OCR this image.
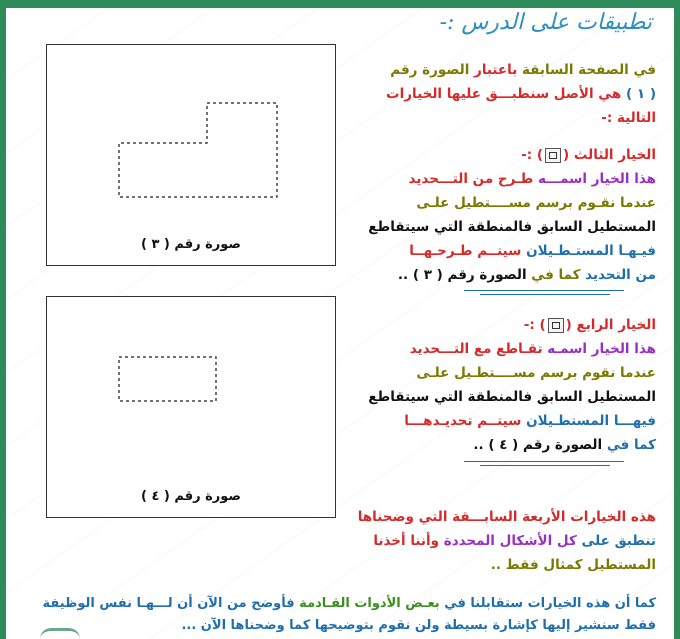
تطبيقات على الدرس :-
في الصفحة السابقة باعتبار الصورة رقم
( ١ ) هي الأصل سنطبـــق عليها الخيارات
التالية :-
الخيار الثالث () :-
هذا الخيار اسمـــه طـرح من التـــحديد
عندما نقـوم برسم مســــتطيل علـى
المستطيل السابق فالمنطقة التي سيتقاطع
فيـهـا المستـطـيلان سيتــم طـرحـهــا
من التحديد كما في الصورة رقم ( ٣ ) ..
الخيار الرابع () :-
هذا الخيار اسمـه تقـاطع مع التـــحديد
عندما نقوم برسم مســــتطـيل علـى
المستطيل السابق فالمنطقة التي سيتقاطع
فيهـــا المستطـيلان سيتــم تحديـدهـــا
كما في الصورة رقم ( ٤ ) ..
هذه الخيارات الأربعة السابـــقة التي وضحناها
تنطبق على كل الأشكال المحددة وأننا أخذنا
المستطيل كمثال فقط ..
كما أن هذه الخيارات ستقابلنا في بعـض الأدوات القـادمة فأوضح من الآن أن لـــهـا نفس الوظيفة
فقط سنشير إليها كإشارة بسيطة ولن نقوم بتوضيحها كما وضحناها الآن ...
صورة رقم ( ٣ )
صورة رقم ( ٤ )
